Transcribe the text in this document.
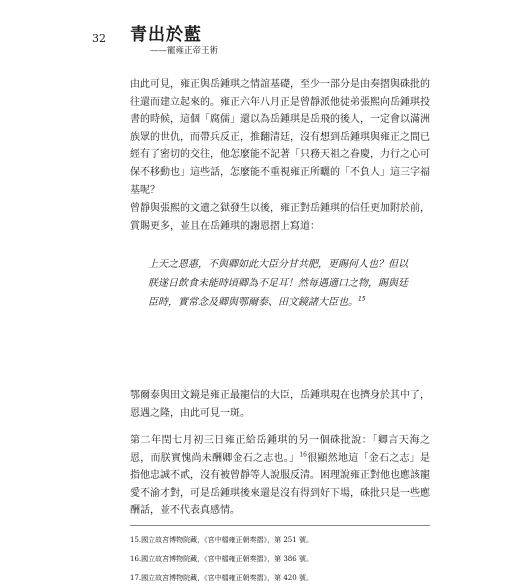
32 青出於藍
——寵雍正帝王術

由此可見，雍正與岳鍾琪之情誼基礎，至少一部分是由奏摺與硃批的往還而建立起來的。雍正六年八月正是曾靜派他徒弟張熙向岳鍾琪投書的時候，這個「腐儒」還以為岳鍾琪是岳飛的後人，一定會以滿洲族眾的世仇，而帶兵反正，推翻清廷，沒有想到岳鍾琪與雍正之間已經有了密切的交往，他怎麼能不記著「只務天祖之眷慶，力行之心可保不移動也」這些話，怎麼能不重視雍正所曬的「不負人」這三字福基呢？

曾靜與張熙的文遺之獄發生以後，雍正對岳鍾琪的信任更加附於前，賞賜更多，並且在岳鍾琪的謝恩摺上寫道：

上天之恩惠，不與卿如此大臣分甘共肥，更賜何人也？但以朕遂日飲食未能時頃卿為不足耳！然每遇適口之物，賜與廷臣時，實常念及卿與鄂爾泰、田文鏡諸大臣也。$^{15}$

鄂爾泰與田文鏡是雍正最寵信的大臣，岳鍾琪現在也擠身於其中了，恩遇之隆，由此可見一斑。

第二年閏七月初三日雍正給岳鍾琪的另一個硃批說：「卿言天海之恩，而朕實愧尚未酬卿金石之志也。」$^{16}$很顯然地這「金石之志」是指他忠誠不貳，沒有被曾靜等人說服反清。困理說雍正對他也應該寵愛不渝才對，可是岳鍾琪後來還是沒有得到好下場，硃批只是一些應酬話，並不代表真感情。

15.國立故宮博物院藏，《宮中檔雍正朝奏摺》，第 251 號。
16.國立故宮博物院藏，《宮中檔雍正朝奏摺》，第 386 號。
17.國立故宮博物院藏，《宮中檔雍正朝奏摺》，第 420 號。
